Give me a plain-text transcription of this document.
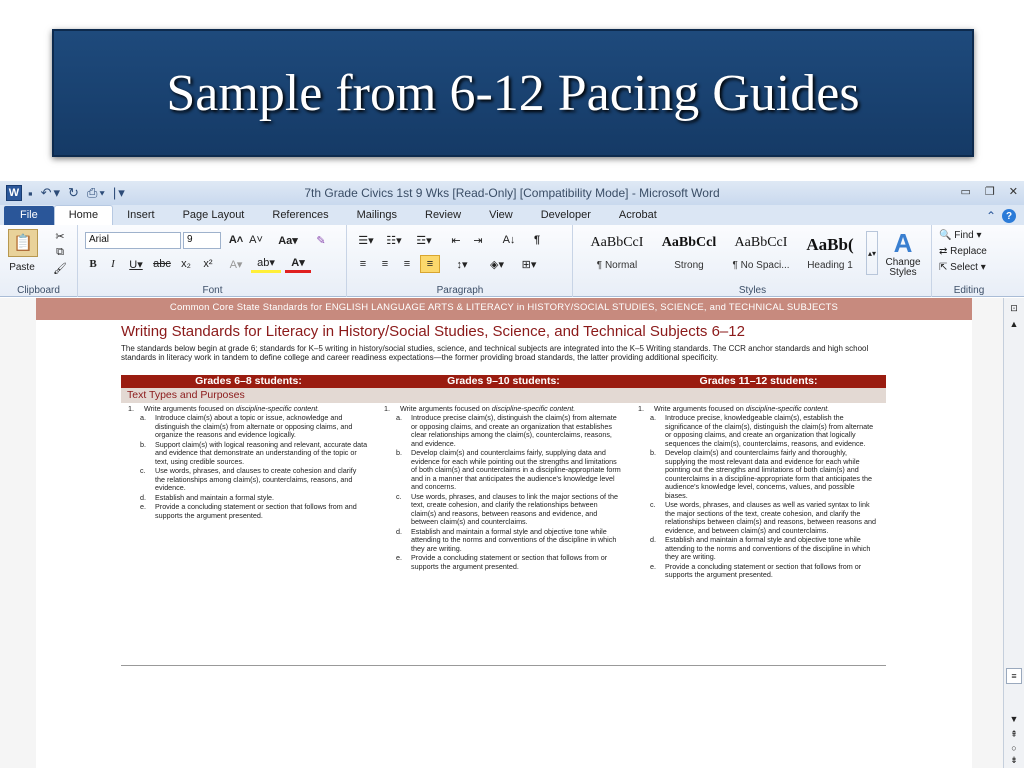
Sample from 6-12 Pacing Guides
W ▪ ↶▾ ↻ ⎙▾ |▾	7th Grade Civics 1st 9 Wks [Read-Only] [Compatibility Mode] - Microsoft Word	▭ ❐ ✕
File	Home	Insert	Page Layout	References	Mailings	Review	View	Developer	Acrobat	⌃ ?
📋
Paste
✂
⧉
🖌
Clipboard
Arial	9	A˄ A˅ Aa▾	✎
B	I	U▾ abc x₂	x²	A▾	ab▾	A▾
Font
☰▾	☷▾	☲▾	⇤	⇥	A↓	¶
≡	≡	≡	≡	↕▾	◈▾	⊞▾
Paragraph
AaBbCcI
¶ Normal
AaBbCcl
Strong
AaBbCcI
¶ No Spaci...
AaBb(
Heading 1
▴▾ A
Change Styles
Styles
🔍
Find ▾
⇄
Replace
⇱
Select ▾
Editing
Common Core State Standards for ENGLISH LANGUAGE ARTS & LITERACY in HISTORY/SOCIAL STUDIES, SCIENCE, and TECHNICAL SUBJECTS
Writing Standards for Literacy in History/Social Studies, Science, and Technical Subjects 6–12
The standards below begin at grade 6; standards for K–5 writing in history/social studies, science, and technical subjects are integrated into the K–5 Writing standards. The CCR anchor standards and high school standards in literacy work in tandem to define college and career readiness expectations—the former providing broad standards, the latter providing additional specificity.
Grades 6–8 students:	Grades 9–10 students:	Grades 11–12 students:
Text Types and Purposes
1. Write arguments focused on discipline-specific content.
a.	Introduce claim(s) about a topic or issue, acknowledge and distinguish the claim(s) from alternate or opposing claims, and organize the reasons and evidence logically.
b.	Support claim(s) with logical reasoning and relevant, accurate data and evidence that demonstrate an understanding of the topic or text, using credible sources.
c.	Use words, phrases, and clauses to create cohesion and clarify the relationships among claim(s), counterclaims, reasons, and evidence.
d.	Establish and maintain a formal style.
e.	Provide a concluding statement or section that follows from and supports the argument presented.
1. Write arguments focused on discipline-specific content.
a.	Introduce precise claim(s), distinguish the claim(s) from alternate or opposing claims, and create an organization that establishes clear relationships among the claim(s), counterclaims, reasons, and evidence.
b.	Develop claim(s) and counterclaims fairly, supplying data and evidence for each while pointing out the strengths and limitations of both claim(s) and counterclaims in a discipline-appropriate form and in a manner that anticipates the audience's knowledge level and concerns.
c.	Use words, phrases, and clauses to link the major sections of the text, create cohesion, and clarify the relationships between claim(s) and reasons, between reasons and evidence, and between claim(s) and counterclaims.
d.	Establish and maintain a formal style and objective tone while attending to the norms and conventions of the discipline in which they are writing.
e.	Provide a concluding statement or section that follows from or supports the argument presented.
1. Write arguments focused on discipline-specific content.
a.	Introduce precise, knowledgeable claim(s), establish the significance of the claim(s), distinguish the claim(s) from alternate or opposing claims, and create an organization that logically sequences the claim(s), counterclaims, reasons, and evidence.
b.	Develop claim(s) and counterclaims fairly and thoroughly, supplying the most relevant data and evidence for each while pointing out the strengths and limitations of both claim(s) and counterclaims in a discipline-appropriate form that anticipates the audience's knowledge level, concerns, values, and possible biases.
c.	Use words, phrases, and clauses as well as varied syntax to link the major sections of the text, create cohesion, and clarify the relationships between claim(s) and reasons, between reasons and evidence, and between claim(s) and counterclaims.
d.	Establish and maintain a formal style and objective tone while attending to the norms and conventions of the discipline in which they are writing.
e.	Provide a concluding statement or section that follows from or supports the argument presented.
⊡
▲
≡
▼
⇞
○
⇟
